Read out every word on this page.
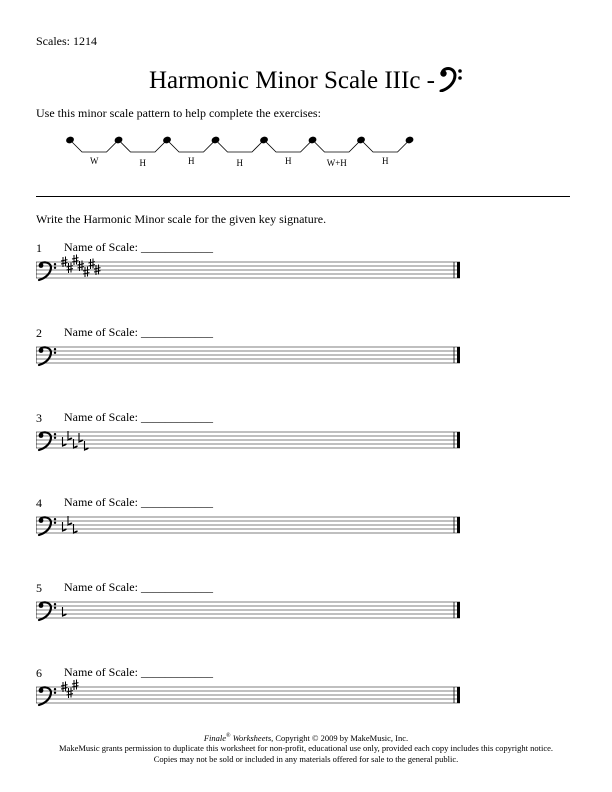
Scales: 1214
Harmonic Minor Scale IIIc -
Use this minor scale pattern to help complete the exercises:
W	H	H	H	H	W+H	H
Write the Harmonic Minor scale for the given key signature.
1 Name of Scale: ____________
2 Name of Scale: ____________
3 Name of Scale: ____________
4 Name of Scale: ____________
5 Name of Scale: ____________
6 Name of Scale: ____________
Finale® Worksheets, Copyright © 2009 by MakeMusic, Inc.
MakeMusic grants permission to duplicate this worksheet for non-profit, educational use only, provided each copy includes this copyright notice.
Copies may not be sold or included in any materials offered for sale to the general public.
